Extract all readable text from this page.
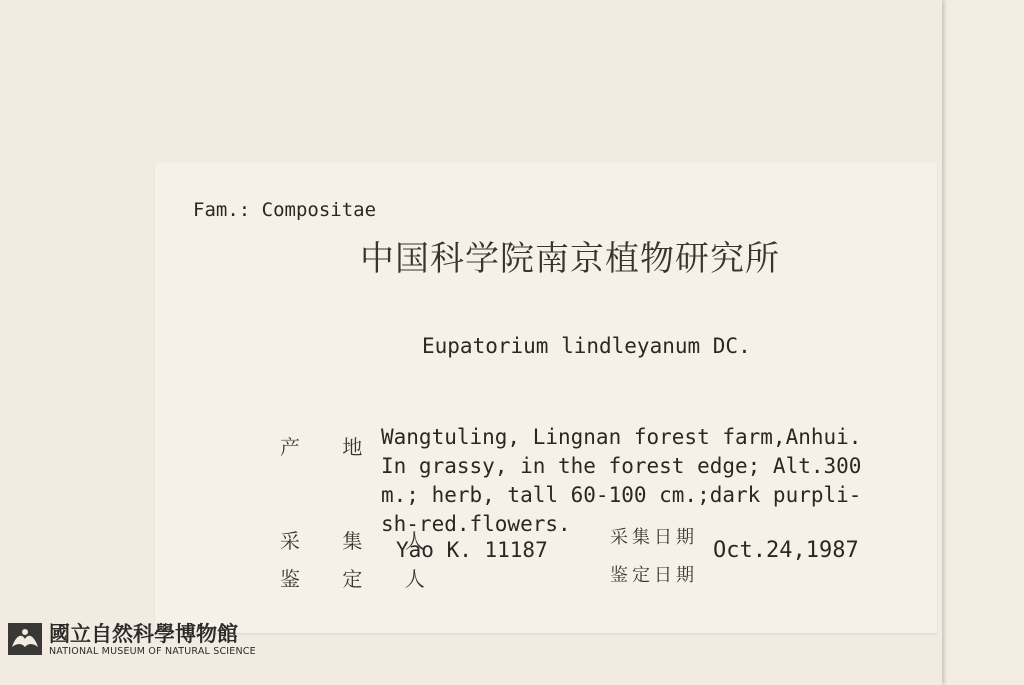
Fam.: Compositae
中国科学院南京植物研究所
Eupatorium lindleyanum DC.
产 地 Wangtuling, Lingnan forest farm,Anhui.
In grassy, in the forest edge; Alt.300
m.; herb, tall 60-100 cm.;dark purpli-
sh-red.flowers.
采 集 人
Yao K. 11187
采集日期
Oct.24,1987
鉴 定 人	鉴定日期
國立自然科學博物館
NATIONAL MUSEUM OF NATURAL SCIENCE
